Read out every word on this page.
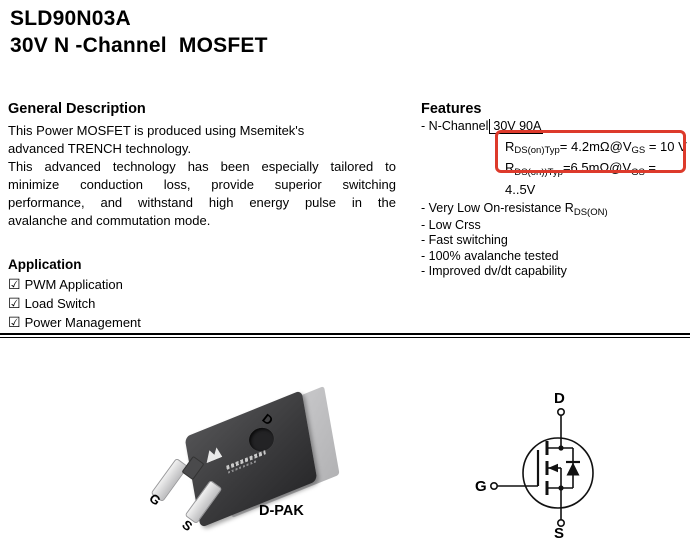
SLD90N03A
30V N -Channel  MOSFET
General Description
This Power MOSFET is produced using Msemitek's
advanced TRENCH technology.
This advanced technology has been especially tailored to
minimize conduction loss, provide superior switching
performance, and withstand high energy pulse in the
avalanche and commutation mode.
Application
☑ PWM Application
☑ Load Switch
☑ Power Management
Features
- N-Channel 30V 90A
RDS(on)Typ= 4.2mΩ@VGS = 10 V
RDS(on))Typ=6.5mΩ@VGS = 4..5V
- Very Low On-resistance $R_{DS(ON)}$
- Low Crss
- Fast switching
- 100% avalanche tested
- Improved dv/dt capability
D
G
S
D-PAK
D
G
S
